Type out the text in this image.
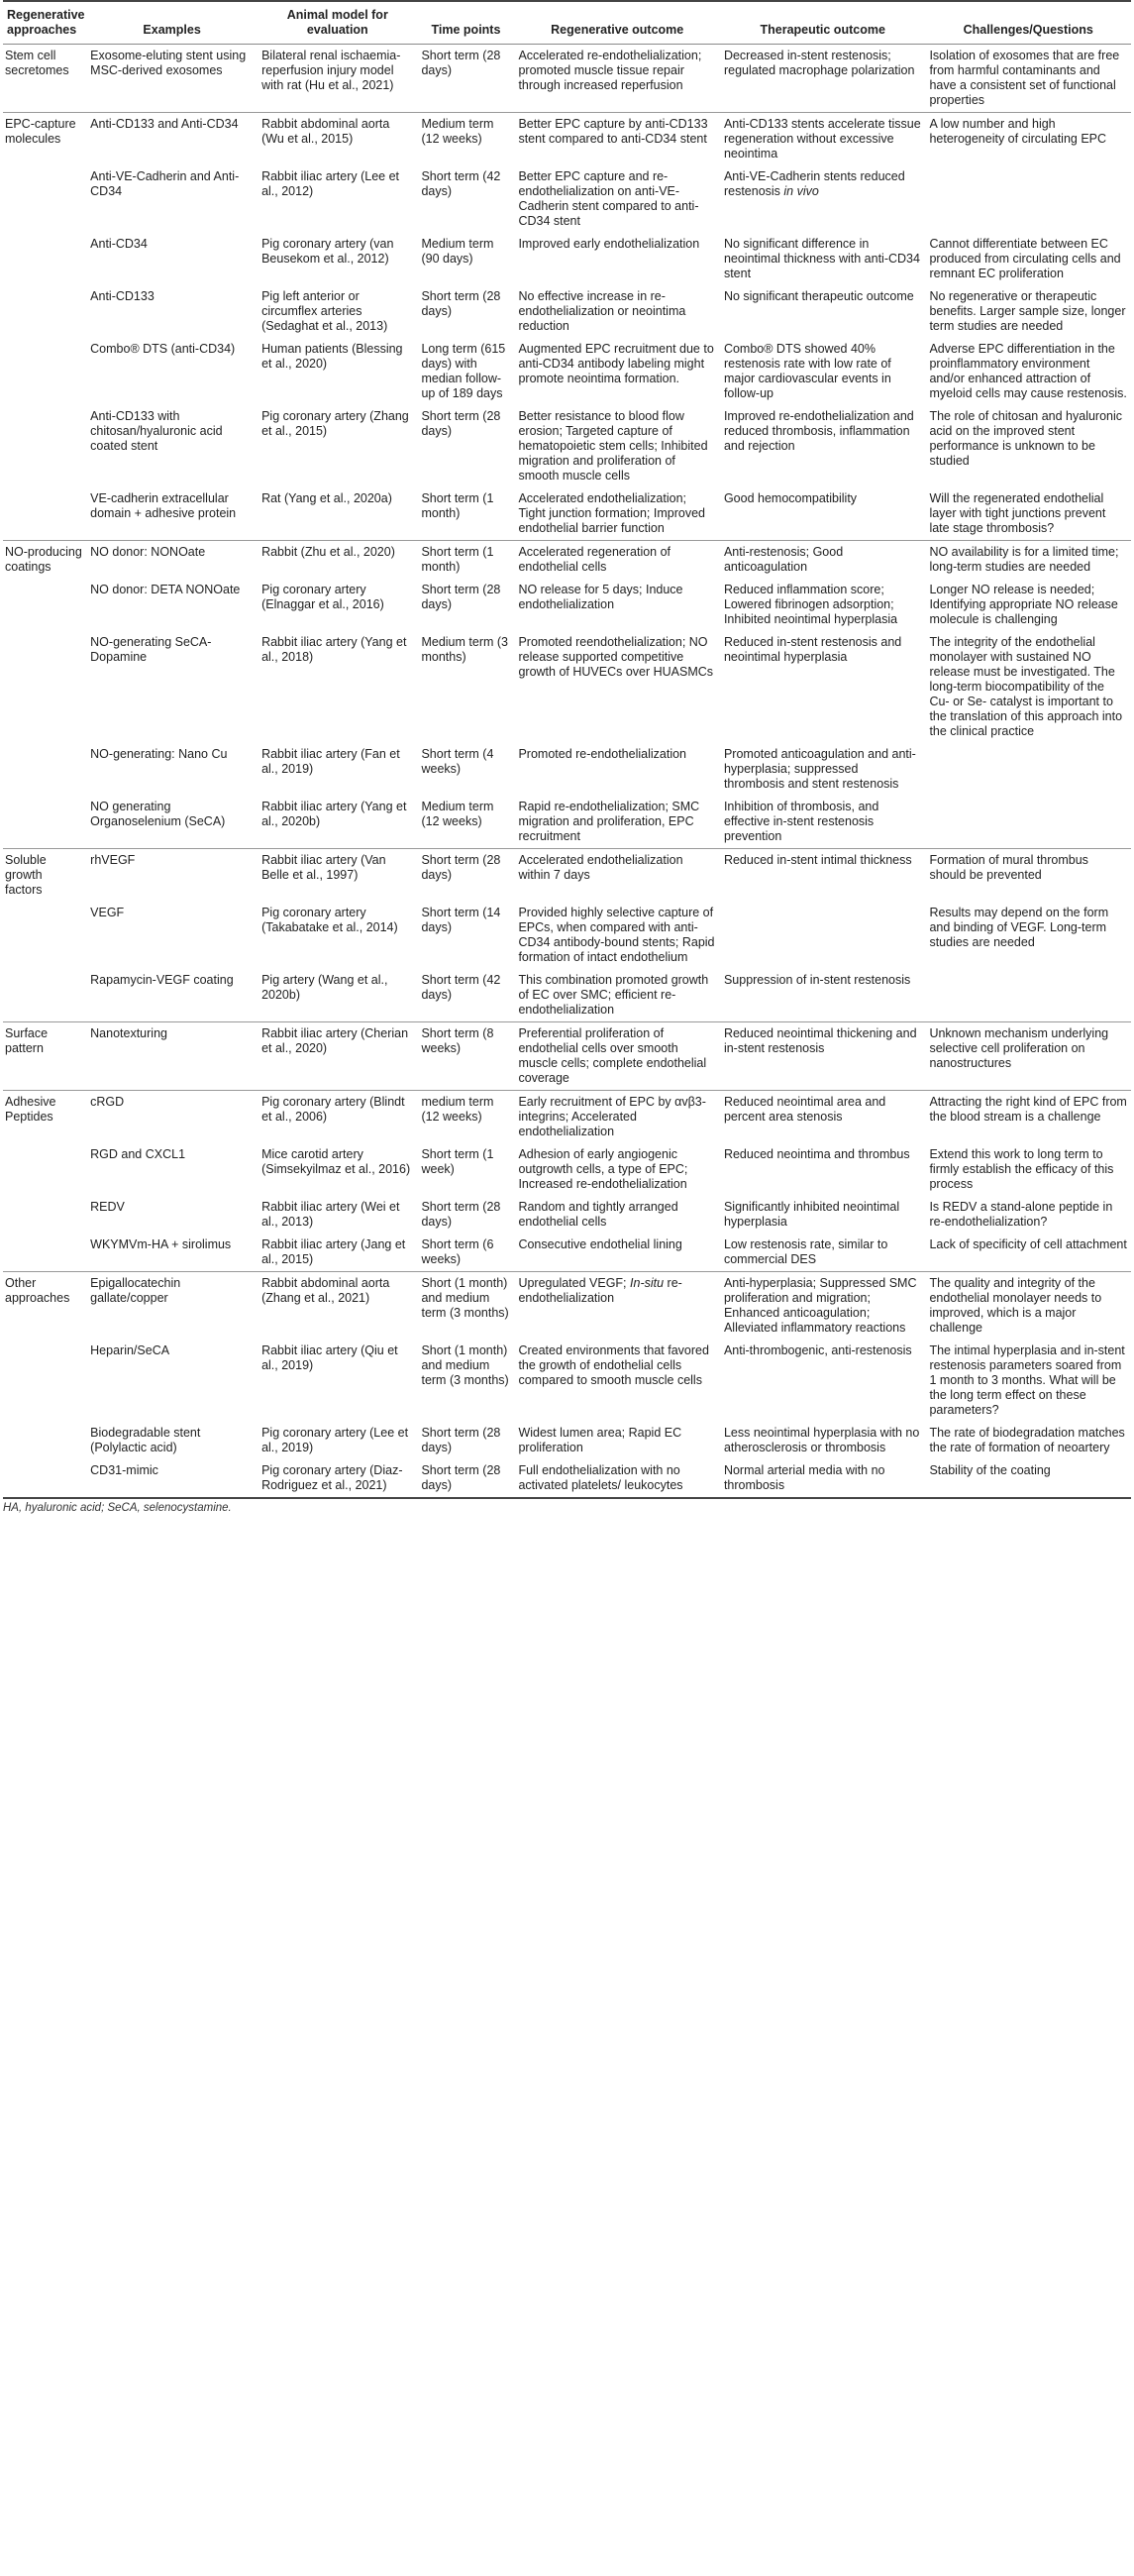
Regenerative approaches	Examples	Animal model for evaluation	Time points	Regenerative outcome	Therapeutic outcome	Challenges/Questions
Stem cell secretomes	Exosome-eluting stent using MSC-derived exosomes	Bilateral renal ischaemia-reperfusion injury model with rat (Hu et al., 2021)	Short term (28 days)	Accelerated re-endothelialization; promoted muscle tissue repair through increased reperfusion	Decreased in-stent restenosis; regulated macrophage polarization	Isolation of exosomes that are free from harmful contaminants and have a consistent set of functional properties
EPC-capture molecules	Anti-CD133 and Anti-CD34	Rabbit abdominal aorta (Wu et al., 2015)	Medium term (12 weeks)	Better EPC capture by anti-CD133 stent compared to anti-CD34 stent	Anti-CD133 stents accelerate tissue regeneration without excessive neointima	A low number and high heterogeneity of circulating EPC
	Anti-VE-Cadherin and Anti-CD34	Rabbit iliac artery (Lee et al., 2012)	Short term (42 days)	Better EPC capture and re-endothelialization on anti-VE-Cadherin stent compared to anti-CD34 stent	Anti-VE-Cadherin stents reduced restenosis in vivo	
	Anti-CD34	Pig coronary artery (van Beusekom et al., 2012)	Medium term (90 days)	Improved early endothelialization	No significant difference in neointimal thickness with anti-CD34 stent	Cannot differentiate between EC produced from circulating cells and remnant EC proliferation
	Anti-CD133	Pig left anterior or circumflex arteries (Sedaghat et al., 2013)	Short term (28 days)	No effective increase in re-endothelialization or neointima reduction	No significant therapeutic outcome	No regenerative or therapeutic benefits. Larger sample size, longer term studies are needed
	Combo® DTS (anti-CD34)	Human patients (Blessing et al., 2020)	Long term (615 days) with median follow-up of 189 days	Augmented EPC recruitment due to anti-CD34 antibody labeling might promote neointima formation.	Combo® DTS showed 40% restenosis rate with low rate of major cardiovascular events in follow-up	Adverse EPC differentiation in the proinflammatory environment and/or enhanced attraction of myeloid cells may cause restenosis.
	Anti-CD133 with chitosan/hyaluronic acid coated stent	Pig coronary artery (Zhang et al., 2015)	Short term (28 days)	Better resistance to blood flow erosion; Targeted capture of hematopoietic stem cells; Inhibited migration and proliferation of smooth muscle cells	Improved re-endothelialization and reduced thrombosis, inflammation and rejection	The role of chitosan and hyaluronic acid on the improved stent performance is unknown to be studied
	VE-cadherin extracellular domain + adhesive protein	Rat (Yang et al., 2020a)	Short term (1 month)	Accelerated endothelialization; Tight junction formation; Improved endothelial barrier function	Good hemocompatibility	Will the regenerated endothelial layer with tight junctions prevent late stage thrombosis?
NO-producing coatings	NO donor: NONOate	Rabbit (Zhu et al., 2020)	Short term (1 month)	Accelerated regeneration of endothelial cells	Anti-restenosis; Good anticoagulation	NO availability is for a limited time; long-term studies are needed
	NO donor: DETA NONOate	Pig coronary artery (Elnaggar et al., 2016)	Short term (28 days)	NO release for 5 days; Induce endothelialization	Reduced inflammation score; Lowered fibrinogen adsorption; Inhibited neointimal hyperplasia	Longer NO release is needed; Identifying appropriate NO release molecule is challenging
	NO-generating SeCA-Dopamine	Rabbit iliac artery (Yang et al., 2018)	Medium term (3 months)	Promoted reendothelialization; NO release supported competitive growth of HUVECs over HUASMCs	Reduced in-stent restenosis and neointimal hyperplasia	The integrity of the endothelial monolayer with sustained NO release must be investigated. The long-term biocompatibility of the Cu- or Se- catalyst is important to the translation of this approach into the clinical practice
	NO-generating: Nano Cu	Rabbit iliac artery (Fan et al., 2019)	Short term (4 weeks)	Promoted re-endothelialization	Promoted anticoagulation and anti-hyperplasia; suppressed thrombosis and stent restenosis	
	NO generating Organoselenium (SeCA)	Rabbit iliac artery (Yang et al., 2020b)	Medium term (12 weeks)	Rapid re-endothelialization; SMC migration and proliferation, EPC recruitment	Inhibition of thrombosis, and effective in-stent restenosis prevention	
Soluble growth factors	rhVEGF	Rabbit iliac artery (Van Belle et al., 1997)	Short term (28 days)	Accelerated endothelialization within 7 days	Reduced in-stent intimal thickness	Formation of mural thrombus should be prevented
	VEGF	Pig coronary artery (Takabatake et al., 2014)	Short term (14 days)	Provided highly selective capture of EPCs, when compared with anti-CD34 antibody-bound stents; Rapid formation of intact endothelium		Results may depend on the form and binding of VEGF. Long-term studies are needed
	Rapamycin-VEGF coating	Pig artery (Wang et al., 2020b)	Short term (42 days)	This combination promoted growth of EC over SMC; efficient re-endothelialization	Suppression of in-stent restenosis	
Surface pattern	Nanotexturing	Rabbit iliac artery (Cherian et al., 2020)	Short term (8 weeks)	Preferential proliferation of endothelial cells over smooth muscle cells; complete endothelial coverage	Reduced neointimal thickening and in-stent restenosis	Unknown mechanism underlying selective cell proliferation on nanostructures
Adhesive Peptides	cRGD	Pig coronary artery (Blindt et al., 2006)	medium term (12 weeks)	Early recruitment of EPC by αvβ3-integrins; Accelerated endothelialization	Reduced neointimal area and percent area stenosis	Attracting the right kind of EPC from the blood stream is a challenge
	RGD and CXCL1	Mice carotid artery (Simsekyilmaz et al., 2016)	Short term (1 week)	Adhesion of early angiogenic outgrowth cells, a type of EPC; Increased re-endothelialization	Reduced neointima and thrombus	Extend this work to long term to firmly establish the efficacy of this process
	REDV	Rabbit iliac artery (Wei et al., 2013)	Short term (28 days)	Random and tightly arranged endothelial cells	Significantly inhibited neointimal hyperplasia	Is REDV a stand-alone peptide in re-endothelialization?
	WKYMVm-HA + sirolimus	Rabbit iliac artery (Jang et al., 2015)	Short term (6 weeks)	Consecutive endothelial lining	Low restenosis rate, similar to commercial DES	Lack of specificity of cell attachment
Other approaches	Epigallocatechin gallate/copper	Rabbit abdominal aorta (Zhang et al., 2021)	Short (1 month) and medium term (3 months)	Upregulated VEGF; In-situ re-endothelialization	Anti-hyperplasia; Suppressed SMC proliferation and migration; Enhanced anticoagulation; Alleviated inflammatory reactions	The quality and integrity of the endothelial monolayer needs to improved, which is a major challenge
	Heparin/SeCA	Rabbit iliac artery (Qiu et al., 2019)	Short (1 month) and medium term (3 months)	Created environments that favored the growth of endothelial cells compared to smooth muscle cells	Anti-thrombogenic, anti-restenosis	The intimal hyperplasia and in-stent restenosis parameters soared from 1 month to 3 months. What will be the long term effect on these parameters?
	Biodegradable stent (Polylactic acid)	Pig coronary artery (Lee et al., 2019)	Short term (28 days)	Widest lumen area; Rapid EC proliferation	Less neointimal hyperplasia with no atherosclerosis or thrombosis	The rate of biodegradation matches the rate of formation of neoartery
	CD31-mimic	Pig coronary artery (Diaz-Rodriguez et al., 2021)	Short term (28 days)	Full endothelialization with no activated platelets/ leukocytes	Normal arterial media with no thrombosis	Stability of the coating
HA, hyaluronic acid; SeCA, selenocystamine.
